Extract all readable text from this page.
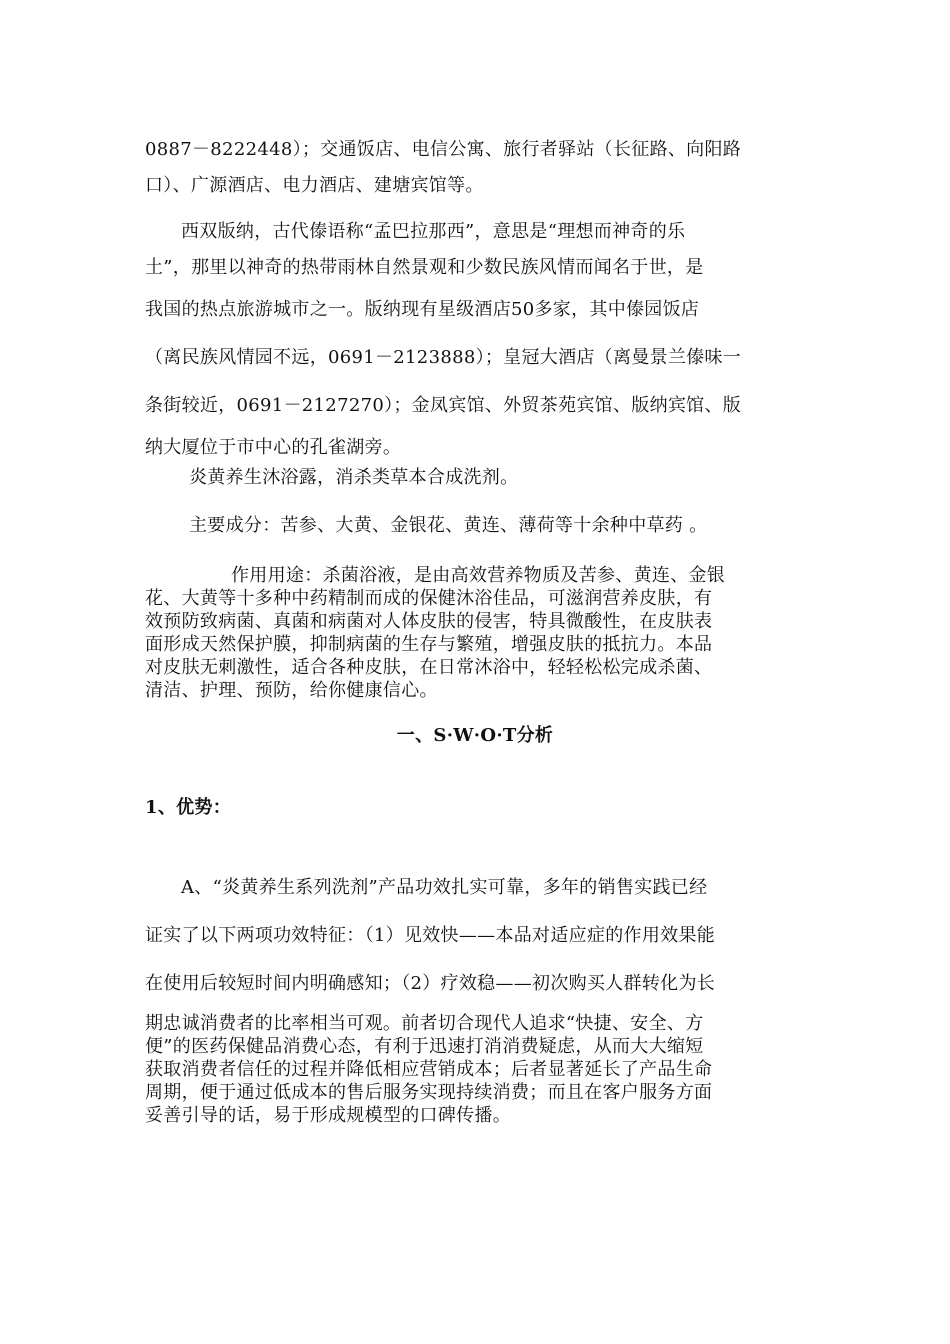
0887－8222448）；交通饭店、电信公寓、旅行者驿站（长征路、向阳路

口）、广源酒店、电力酒店、建塘宾馆等。

西双版纳，古代傣语称“孟巴拉那西”，意思是“理想而神奇的乐

土”，那里以神奇的热带雨林自然景观和少数民族风情而闻名于世，是

我国的热点旅游城市之一。版纳现有星级酒店50多家，其中傣园饭店

（离民族风情园不远，0691－2123888）；皇冠大酒店（离曼景兰傣味一

条街较近，0691－2127270）；金凤宾馆、外贸茶苑宾馆、版纳宾馆、版

纳大厦位于市中心的孔雀湖旁。

炎黄养生沐浴露，消杀类草本合成洗剂。

主要成分：苦参、大黄、金银花、黄连、薄荷等十余种中草药 。

作用用途：杀菌浴液，是由高效营养物质及苦参、黄连、金银

花、大黄等十多种中药精制而成的保健沐浴佳品，可滋润营养皮肤，有

效预防致病菌、真菌和病菌对人体皮肤的侵害，特具微酸性，在皮肤表

面形成天然保护膜，抑制病菌的生存与繁殖，增强皮肤的抵抗力。本品

对皮肤无刺激性，适合各种皮肤，在日常沐浴中，轻轻松松完成杀菌、

清洁、护理、预防，给你健康信心。

一、S·W·O·T分析

1、优势：

A、“炎黄养生系列洗剂”产品功效扎实可靠，多年的销售实践已经

证实了以下两项功效特征：（1）见效快——本品对适应症的作用效果能

在使用后较短时间内明确感知；（2）疗效稳——初次购买人群转化为长

期忠诚消费者的比率相当可观。前者切合现代人追求“快捷、安全、方

便”的医药保健品消费心态，有利于迅速打消消费疑虑，从而大大缩短

获取消费者信任的过程并降低相应营销成本；后者显著延长了产品生命

周期，便于通过低成本的售后服务实现持续消费；而且在客户服务方面

妥善引导的话，易于形成规模型的口碑传播。
